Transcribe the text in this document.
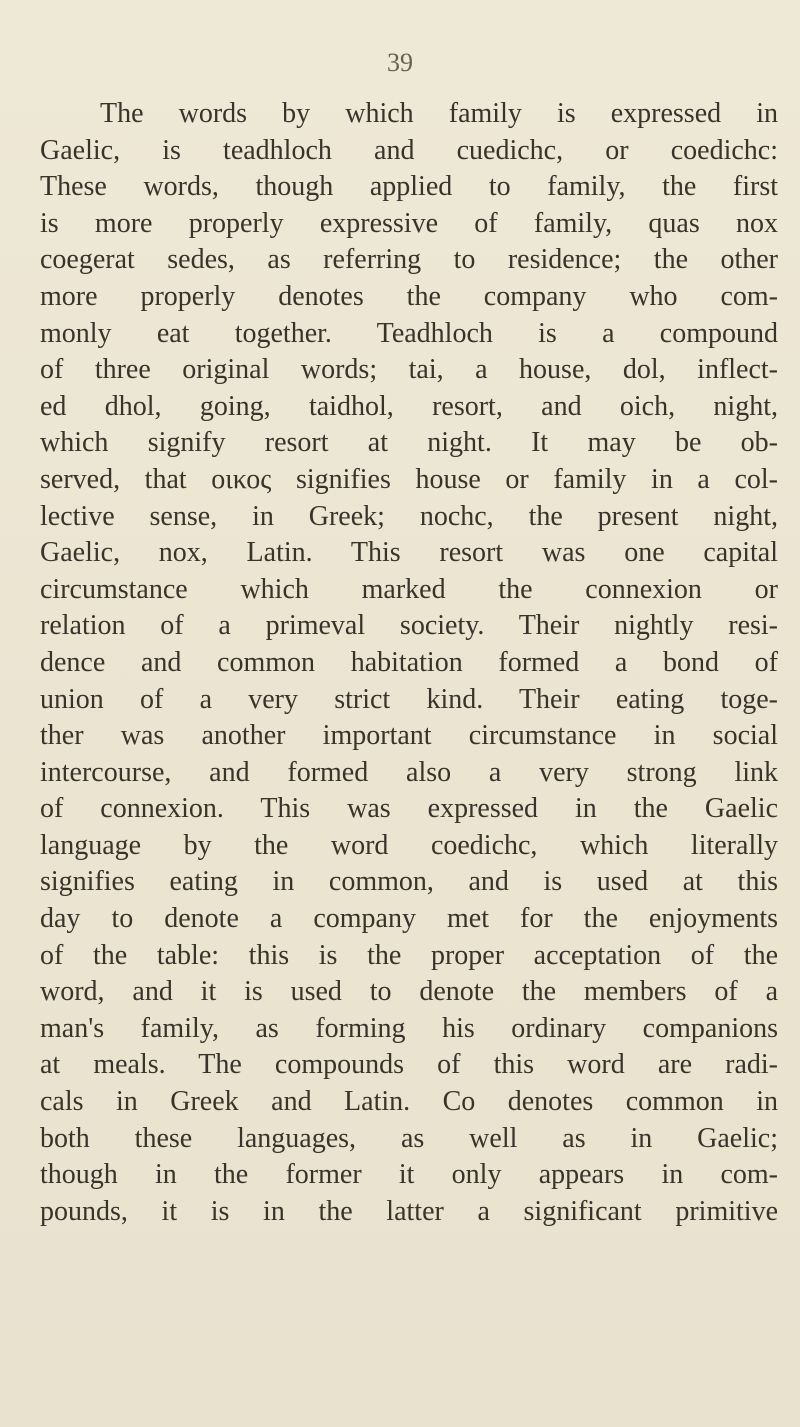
39
The words by which family is expressed in
Gaelic, is teadhloch and cuedichc, or coedichc:
These words, though applied to family, the first
is more properly expressive of family, quas nox
coegerat sedes, as referring to residence; the other
more properly denotes the company who com-
monly eat together. Teadhloch is a compound
of three original words; tai, a house, dol, inflect-
ed dhol, going, taidhol, resort, and oich, night,
which signify resort at night. It may be ob-
served, that οικος signifies house or family in a col-
lective sense, in Greek; nochc, the present night,
Gaelic, nox, Latin. This resort was one capital
circumstance which marked the connexion or
relation of a primeval society. Their nightly resi-
dence and common habitation formed a bond of
union of a very strict kind. Their eating toge-
ther was another important circumstance in social
intercourse, and formed also a very strong link
of connexion. This was expressed in the Gaelic
language by the word coedichc, which literally
signifies eating in common, and is used at this
day to denote a company met for the enjoyments
of the table: this is the proper acceptation of the
word, and it is used to denote the members of a
man's family, as forming his ordinary companions
at meals. The compounds of this word are radi-
cals in Greek and Latin. Co denotes common in
both these languages, as well as in Gaelic;
though in the former it only appears in com-
pounds, it is in the latter a significant primitive
